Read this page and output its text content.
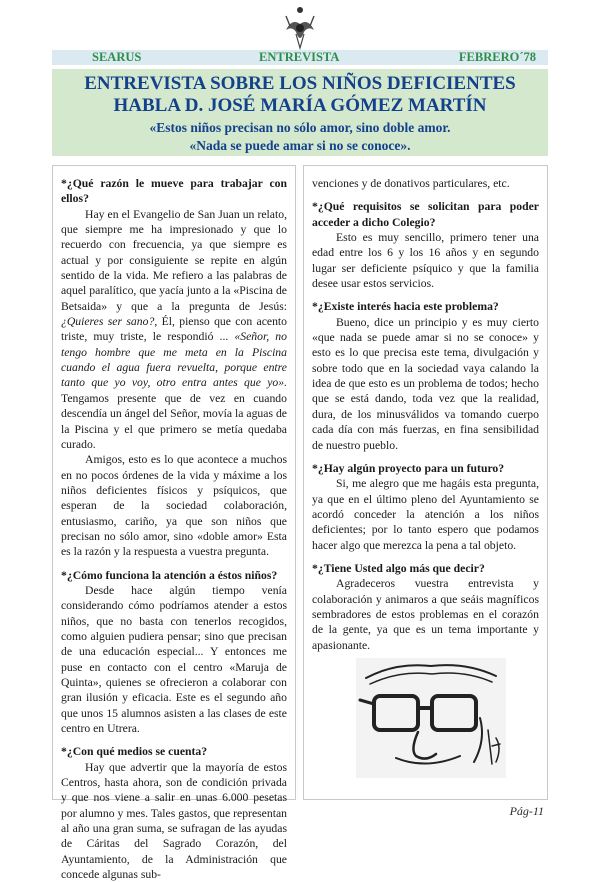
SEARUS	ENTREVISTA	FEBRERO´78
ENTREVISTA SOBRE LOS NIÑOS DEFICIENTES
HABLA D. JOSÉ MARÍA GÓMEZ MARTÍN
«Estos niños precisan no sólo amor, sino doble amor.
«Nada se puede amar si no se conoce».

*¿Qué razón le mueve para trabajar con ellos?

Hay en el Evangelio de San Juan un relato, que siempre me ha impresionado y que lo recuerdo con frecuencia, ya que siempre es actual y por consiguiente se repite en algún sentido de la vida. Me refiero a las palabras de aquel paralítico, que yacía junto a la «Piscina de Betsaida» y que a la pregunta de Jesús: ¿Quieres ser sano?, Él, pienso que con acento triste, muy triste, le respondió ... «Señor, no tengo hombre que me meta en la Piscina cuando el agua fuera revuelta, porque entre tanto que yo voy, otro entra antes que yo». Tengamos presente que de vez en cuando descendía un ángel del Señor, movía la aguas de la Piscina y el que primero se metía quedaba curado.

Amigos, esto es lo que acontece a muchos en no pocos órdenes de la vida y máxime a los niños deficientes físicos y psíquicos, que esperan de la sociedad colaboración, entusiasmo, cariño, ya que son niños que precisan no sólo amor, sino «doble amor» Esta es la razón y la respuesta a vuestra pregunta.

*¿Cómo funciona la atención a éstos niños?

Desde hace algún tiempo venía considerando cómo podríamos atender a estos niños, que no basta con tenerlos recogidos, como alguien pudiera pensar; sino que precisan de una educación especial... Y entonces me puse en contacto con el centro «Maruja de Quinta», quienes se ofrecieron a colaborar con gran ilusión y eficacia. Este es el segundo año que unos 15 alumnos asisten a las clases de este centro en Utrera.

*¿Con qué medios se cuenta?

Hay que advertir que la mayoría de estos Centros, hasta ahora, son de condición privada y que nos viene a salir en unas 6.000 pesetas por alumno y mes. Tales gastos, que representan al año una gran suma, se sufragan de las ayudas de Cáritas del Sagrado Corazón, del Ayuntamiento, de la Administración que concede algunas sub-

venciones y de donativos particulares, etc.

*¿Qué requisitos se solicitan para poder acceder a dicho Colegio?

Esto es muy sencillo, primero tener una edad entre los 6 y los 16 años y en segundo lugar ser deficiente psíquico y que la familia desee usar estos servicios.

*¿Existe interés hacia este problema?

Bueno, dice un principio y es muy cierto «que nada se puede amar si no se conoce» y esto es lo que precisa este tema, divulgación y sobre todo que en la sociedad vaya calando la idea de que esto es un problema de todos; hecho que se está dando, toda vez que la realidad, dura, de los minusválidos va tomando cuerpo cada día con más fuerzas, en fina sensibilidad de nuestro pueblo.

*¿Hay algún proyecto para un futuro?

Si, me alegro que me hagáis esta pregunta, ya que en el último pleno del Ayuntamiento se acordó conceder la atención a los niños deficientes; por lo tanto espero que podamos hacer algo que merezca la pena a tal objeto.

*¿Tiene Usted algo más que decir?

Agradeceros vuestra entrevista y colaboración y animaros a que seáis magníficos sembradores de estos problemas en el corazón de la gente, ya que es un tema importante y apasionante.

Pág-11
